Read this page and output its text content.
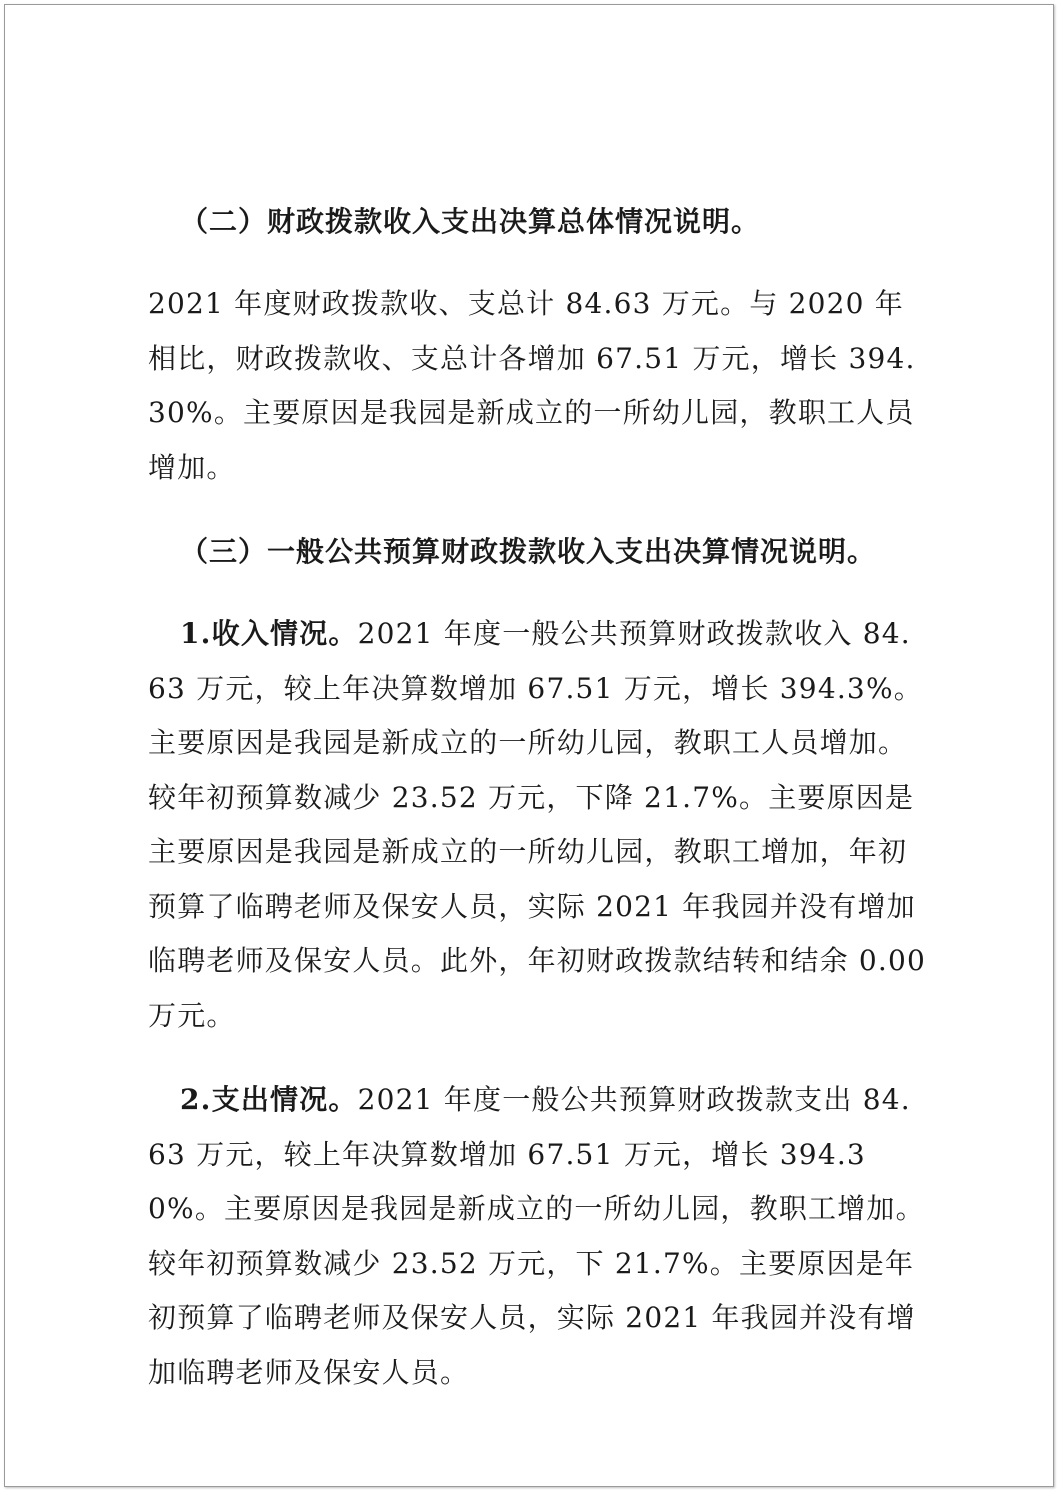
（二）财政拨款收入支出决算总体情况说明。

2021 年度财政拨款收、支总计 84.63 万元。与 2020 年相比，财政拨款收、支总计各增加 67.51 万元，增长 394.30%。主要原因是我园是新成立的一所幼儿园，教职工人员增加。

（三）一般公共预算财政拨款收入支出决算情况说明。

1.收入情况。2021 年度一般公共预算财政拨款收入 84.63 万元，较上年决算数增加 67.51 万元，增长 394.3%。主要原因是我园是新成立的一所幼儿园，教职工人员增加。较年初预算数减少 23.52 万元，下降 21.7%。主要原因是主要原因是我园是新成立的一所幼儿园，教职工增加，年初预算了临聘老师及保安人员，实际 2021 年我园并没有增加临聘老师及保安人员。此外，年初财政拨款结转和结余 0.00 万元。

2.支出情况。2021 年度一般公共预算财政拨款支出 84.63 万元，较上年决算数增加 67.51 万元，增长 394.30%。主要原因是我园是新成立的一所幼儿园，教职工增加。较年初预算数减少 23.52 万元，下 21.7%。主要原因是年初预算了临聘老师及保安人员，实际 2021 年我园并没有增加临聘老师及保安人员。
